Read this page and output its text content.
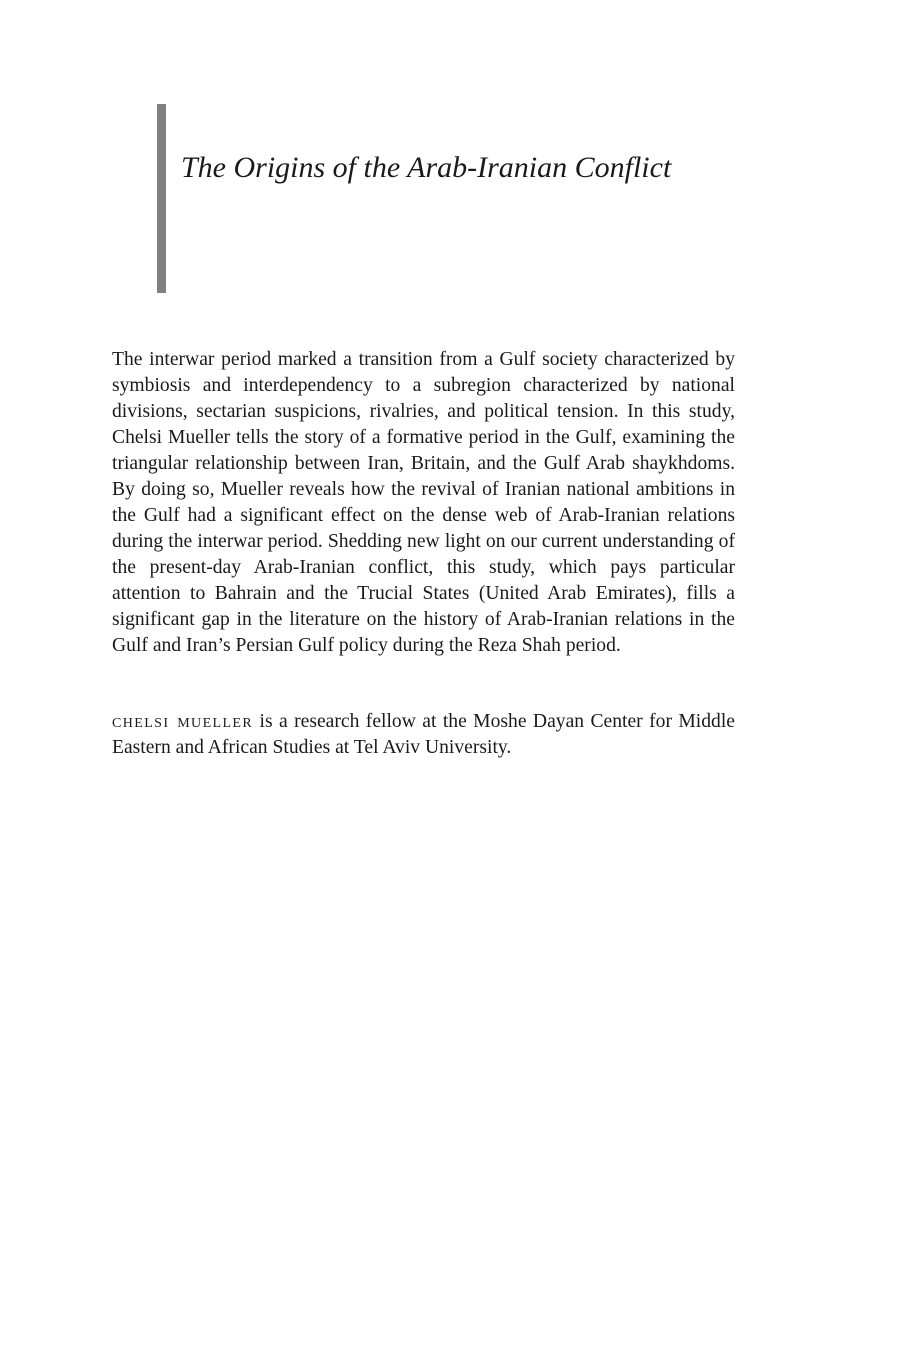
The Origins of the Arab-Iranian Conflict

The interwar period marked a transition from a Gulf society characterized by symbiosis and interdependency to a subregion characterized by national divisions, sectarian suspicions, rivalries, and political tension. In this study, Chelsi Mueller tells the story of a formative period in the Gulf, examining the triangular relationship between Iran, Britain, and the Gulf Arab shaykhdoms. By doing so, Mueller reveals how the revival of Iranian national ambitions in the Gulf had a significant effect on the dense web of Arab-Iranian relations during the interwar period. Shedding new light on our current understanding of the present-day Arab-Iranian conflict, this study, which pays particular attention to Bahrain and the Trucial States (United Arab Emirates), fills a significant gap in the literature on the history of Arab-Iranian relations in the Gulf and Iran’s Persian Gulf policy during the Reza Shah period.

chelsi mueller is a research fellow at the Moshe Dayan Center for Middle Eastern and African Studies at Tel Aviv University.
